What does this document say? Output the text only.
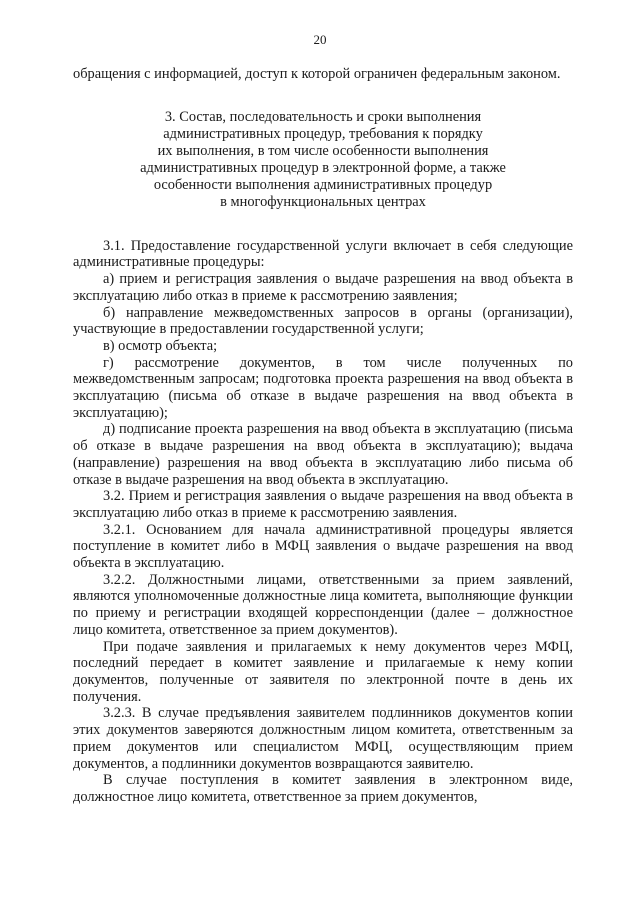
20

обращения с информацией, доступ к которой ограничен федеральным законом.

3. Состав, последовательность и сроки выполнения
административных процедур, требования к порядку
их выполнения, в том числе особенности выполнения
административных процедур в электронной форме, а также
особенности выполнения административных процедур
в многофункциональных центрах

3.1. Предоставление государственной услуги включает в себя следующие административные процедуры:

а) прием и регистрация заявления о выдаче разрешения на ввод объекта в эксплуатацию либо отказ в приеме к рассмотрению заявления;

б) направление межведомственных запросов в органы (организации), участвующие в предоставлении государственной услуги;

в) осмотр объекта;

г) рассмотрение документов, в том числе полученных по межведомственным запросам; подготовка проекта разрешения на ввод объекта в эксплуатацию (письма об отказе в выдаче разрешения на ввод объекта в эксплуатацию);

д) подписание проекта разрешения на ввод объекта в эксплуатацию (письма об отказе в выдаче разрешения на ввод объекта в эксплуатацию); выдача (направление) разрешения на ввод объекта в эксплуатацию либо письма об отказе в выдаче разрешения на ввод объекта в эксплуатацию.

3.2. Прием и регистрация заявления о выдаче разрешения на ввод объекта в эксплуатацию либо отказ в приеме к рассмотрению заявления.

3.2.1. Основанием для начала административной процедуры является поступление в комитет либо в МФЦ заявления о выдаче разрешения на ввод объекта в эксплуатацию.

3.2.2. Должностными лицами, ответственными за прием заявлений, являются уполномоченные должностные лица комитета, выполняющие функции по приему и регистрации входящей корреспонденции (далее – должностное лицо комитета, ответственное за прием документов).

При подаче заявления и прилагаемых к нему документов через МФЦ, последний передает в комитет заявление и прилагаемые к нему копии документов, полученные от заявителя по электронной почте в день их получения.

3.2.3. В случае предъявления заявителем подлинников документов копии этих документов заверяются должностным лицом комитета, ответственным за прием документов или специалистом МФЦ, осуществляющим прием документов, а подлинники документов возвращаются заявителю.

В случае поступления в комитет заявления в электронном виде, должностное лицо комитета, ответственное за прием документов,
